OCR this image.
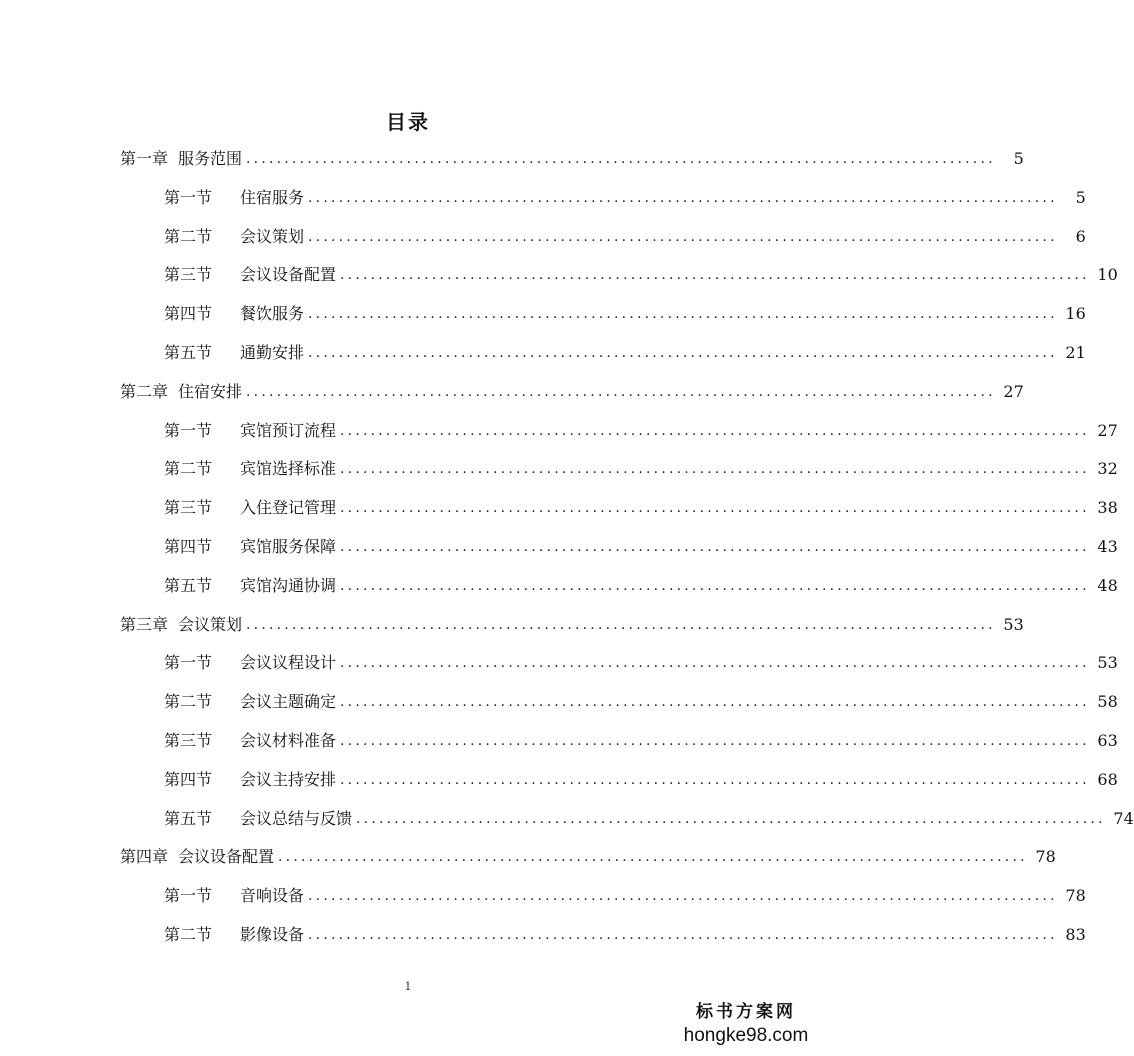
目录
第一章 服务范围 ..................................................................................................	5
第一节	住宿服务 ..................................................................................................	5
第二节	会议策划 ..................................................................................................	6
第三节	会议设备配置 .................................................................................................. 10
第四节	餐饮服务 .................................................................................................. 16
第五节	通勤安排 .................................................................................................. 21
第二章 住宿安排 .................................................................................................. 27
第一节	宾馆预订流程 .................................................................................................. 27
第二节	宾馆选择标准 .................................................................................................. 32
第三节	入住登记管理 .................................................................................................. 38
第四节	宾馆服务保障 .................................................................................................. 43
第五节	宾馆沟通协调 .................................................................................................. 48
第三章 会议策划 .................................................................................................. 53
第一节	会议议程设计 .................................................................................................. 53
第二节	会议主题确定 .................................................................................................. 58
第三节	会议材料准备 .................................................................................................. 63
第四节	会议主持安排 .................................................................................................. 68
第五节	会议总结与反馈 .................................................................................................. 74
第四章 会议设备配置 .................................................................................................. 78
第一节	音响设备 .................................................................................................. 78
第二节	影像设备 .................................................................................................. 83
1
标书方案网
hongke98.com
